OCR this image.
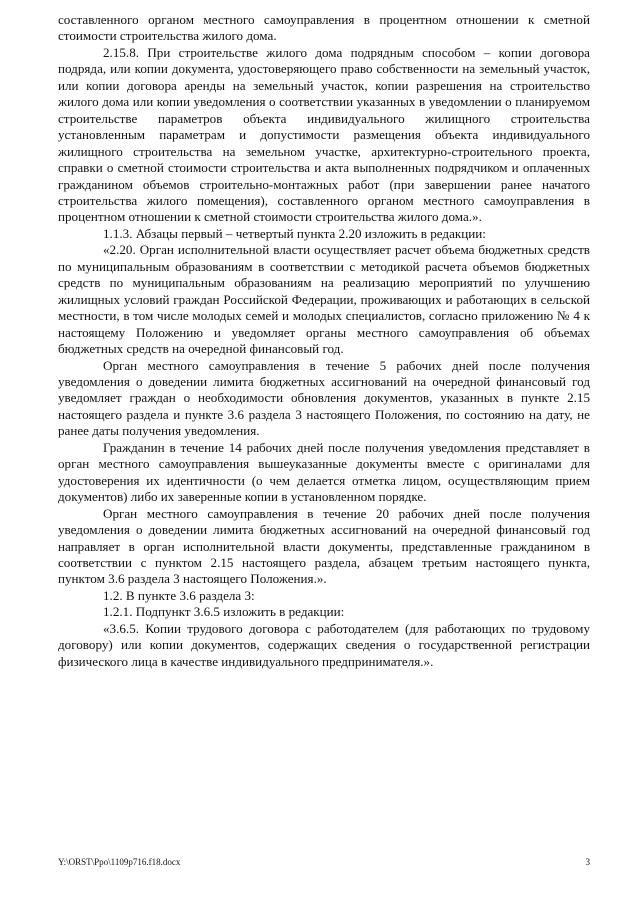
составленного органом местного самоуправления в процентном отношении к сметной стоимости строительства жилого дома.

2.15.8. При строительстве жилого дома подрядным способом – копии договора подряда, или копии документа, удостоверяющего право собственности на земельный участок, или копии договора аренды на земельный участок, копии разрешения на строительство жилого дома или копии уведомления о соответствии указанных в уведомлении о планируемом строительстве параметров объекта индивидуального жилищного строительства установленным параметрам и допустимости размещения объекта индивидуального жилищного строительства на земельном участке, архитектурно-строительного проекта, справки о сметной стоимости строительства и акта выполненных подрядчиком и оплаченных гражданином объемов строительно-монтажных работ (при завершении ранее начатого строительства жилого помещения), составленного органом местного самоуправления в процентном отношении к сметной стоимости строительства жилого дома.».

1.1.3. Абзацы первый – четвертый пункта 2.20 изложить в редакции:

«2.20. Орган исполнительной власти осуществляет расчет объема бюджетных средств по муниципальным образованиям в соответствии с методикой расчета объемов бюджетных средств по муниципальным образованиям на реализацию мероприятий по улучшению жилищных условий граждан Российской Федерации, проживающих и работающих в сельской местности, в том числе молодых семей и молодых специалистов, согласно приложению № 4 к настоящему Положению и уведомляет органы местного самоуправления об объемах бюджетных средств на очередной финансовый год.

Орган местного самоуправления в течение 5 рабочих дней после получения уведомления о доведении лимита бюджетных ассигнований на очередной финансовый год уведомляет граждан о необходимости обновления документов, указанных в пункте 2.15 настоящего раздела и пункте 3.6 раздела 3 настоящего Положения, по состоянию на дату, не ранее даты получения уведомления.

Гражданин в течение 14 рабочих дней после получения уведомления представляет в орган местного самоуправления вышеуказанные документы вместе с оригиналами для удостоверения их идентичности (о чем делается отметка лицом, осуществляющим прием документов) либо их заверенные копии в установленном порядке.

Орган местного самоуправления в течение 20 рабочих дней после получения уведомления о доведении лимита бюджетных ассигнований на очередной финансовый год направляет в орган исполнительной власти документы, представленные гражданином в соответствии с пунктом 2.15 настоящего раздела, абзацем третьим настоящего пункта, пунктом 3.6 раздела 3 настоящего Положения.».

1.2. В пункте 3.6 раздела 3:

1.2.1. Подпункт 3.6.5 изложить в редакции:

«3.6.5. Копии трудового договора с работодателем (для работающих по трудовому договору) или копии документов, содержащих сведения о государственной регистрации физического лица в качестве индивидуального предпринимателя.».

Y:\ORST\Ppo\1109p716.f18.docx	3
